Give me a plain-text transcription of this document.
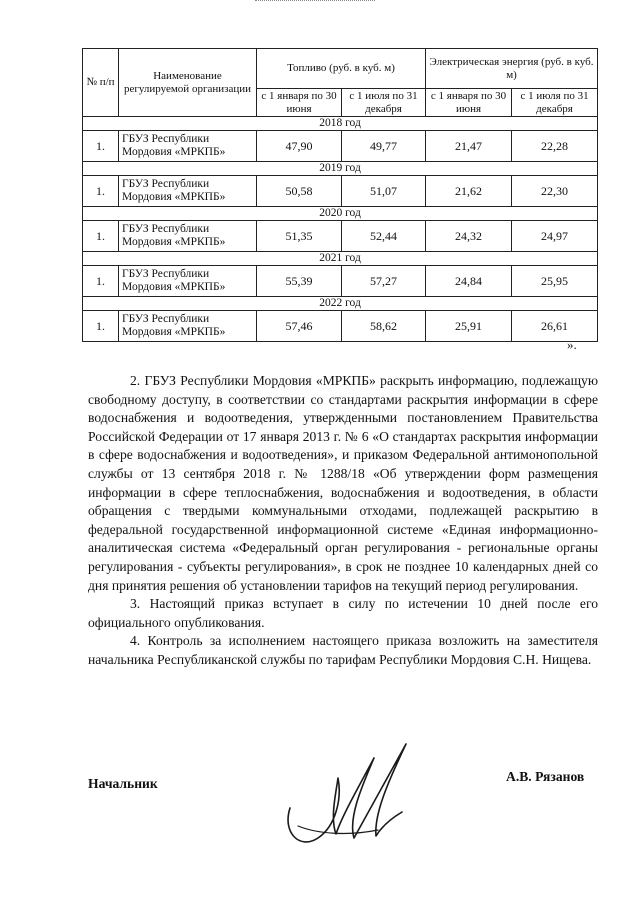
№ п/п	Наименование регулируемой организации	Топливо (руб. в куб. м)		Электрическая энергия (руб. в куб. м)	
		с 1 января по 30 июня	с 1 июля по 31 декабря	с 1 января по 30 июня	с 1 июля по 31 декабря
2018 год					
1.	ГБУЗ Республики Мордовия «МРКПБ»	47,90	49,77	21,47	22,28
2019 год					
1.	ГБУЗ Республики Мордовия «МРКПБ»	50,58	51,07	21,62	22,30
2020 год					
1.	ГБУЗ Республики Мордовия «МРКПБ»	51,35	52,44	24,32	24,97
2021 год					
1.	ГБУЗ Республики Мордовия «МРКПБ»	55,39	57,27	24,84	25,95
2022 год					
1.	ГБУЗ Республики Мордовия «МРКПБ»	57,46	58,62	25,91	26,61
».

2. ГБУЗ Республики Мордовия «МРКПБ» раскрыть информацию, подлежащую свободному доступу, в соответствии со стандартами раскрытия информации в сфере водоснабжения и водоотведения, утвержденными постановлением Правительства Российской Федерации от 17 января 2013 г. № 6 «О стандартах раскрытия информации в сфере водоснабжения и водоотведения», и приказом Федеральной антимонопольной службы от 13 сентября 2018 г. № 1288/18 «Об утверждении форм размещения информации в сфере теплоснабжения, водоснабжения и водоотведения, в области обращения с твердыми коммунальными отходами, подлежащей раскрытию в федеральной государственной информационной системе «Единая информационно-аналитическая система «Федеральный орган регулирования - региональные органы регулирования - субъекты регулирования», в срок не позднее 10 календарных дней со дня принятия решения об установлении тарифов на текущий период регулирования.

3. Настоящий приказ вступает в силу по истечении 10 дней после его официального опубликования.

4. Контроль за исполнением настоящего приказа возложить на заместителя начальника Республиканской службы по тарифам Республики Мордовия С.Н. Нищева.

Начальник	А.В. Рязанов
